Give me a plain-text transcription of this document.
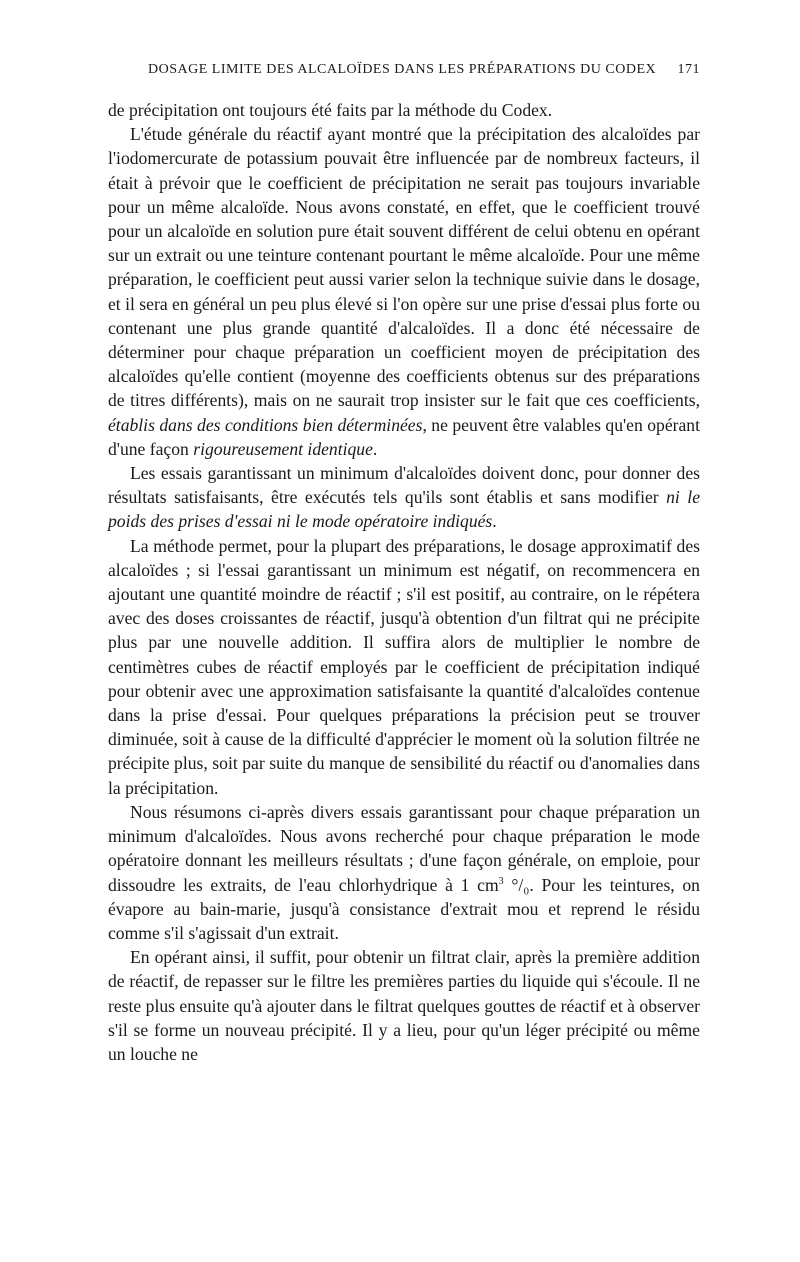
DOSAGE LIMITE DES ALCALOÏDES DANS LES PRÉPARATIONS DU CODEX 171

de précipitation ont toujours été faits par la méthode du Codex.

L'étude générale du réactif ayant montré que la précipitation des alcaloïdes par l'iodomercurate de potassium pouvait être influencée par de nombreux facteurs, il était à prévoir que le coefficient de précipitation ne serait pas toujours invariable pour un même alcaloïde. Nous avons constaté, en effet, que le coefficient trouvé pour un alcaloïde en solution pure était souvent différent de celui obtenu en opérant sur un extrait ou une teinture contenant pourtant le même alcaloïde. Pour une même préparation, le coefficient peut aussi varier selon la technique suivie dans le dosage, et il sera en général un peu plus élevé si l'on opère sur une prise d'essai plus forte ou contenant une plus grande quantité d'alcaloïdes. Il a donc été nécessaire de déterminer pour chaque préparation un coefficient moyen de précipitation des alcaloïdes qu'elle contient (moyenne des coefficients obtenus sur des préparations de titres différents), mais on ne saurait trop insister sur le fait que ces coefficients, établis dans des conditions bien déterminées, ne peuvent être valables qu'en opérant d'une façon rigoureusement identique.

Les essais garantissant un minimum d'alcaloïdes doivent donc, pour donner des résultats satisfaisants, être exécutés tels qu'ils sont établis et sans modifier ni le poids des prises d'essai ni le mode opératoire indiqués.

La méthode permet, pour la plupart des préparations, le dosage approximatif des alcaloïdes ; si l'essai garantissant un minimum est négatif, on recommencera en ajoutant une quantité moindre de réactif ; s'il est positif, au contraire, on le répétera avec des doses croissantes de réactif, jusqu'à obtention d'un filtrat qui ne précipite plus par une nouvelle addition. Il suffira alors de multiplier le nombre de centimètres cubes de réactif employés par le coefficient de précipitation indiqué pour obtenir avec une approximation satisfaisante la quantité d'alcaloïdes contenue dans la prise d'essai. Pour quelques préparations la précision peut se trouver diminuée, soit à cause de la difficulté d'apprécier le moment où la solution filtrée ne précipite plus, soit par suite du manque de sensibilité du réactif ou d'anomalies dans la précipitation.

Nous résumons ci-après divers essais garantissant pour chaque préparation un minimum d'alcaloïdes. Nous avons recherché pour chaque préparation le mode opératoire donnant les meilleurs résultats ; d'une façon générale, on emploie, pour dissoudre les extraits, de l'eau chlorhydrique à 1 $cm^3$ °/₀. Pour les teintures, on évapore au bain-marie, jusqu'à consistance d'extrait mou et reprend le résidu comme s'il s'agissait d'un extrait.

En opérant ainsi, il suffit, pour obtenir un filtrat clair, après la première addition de réactif, de repasser sur le filtre les premières parties du liquide qui s'écoule. Il ne reste plus ensuite qu'à ajouter dans le filtrat quelques gouttes de réactif et à observer s'il se forme un nouveau précipité. Il y a lieu, pour qu'un léger précipité ou même un louche ne
